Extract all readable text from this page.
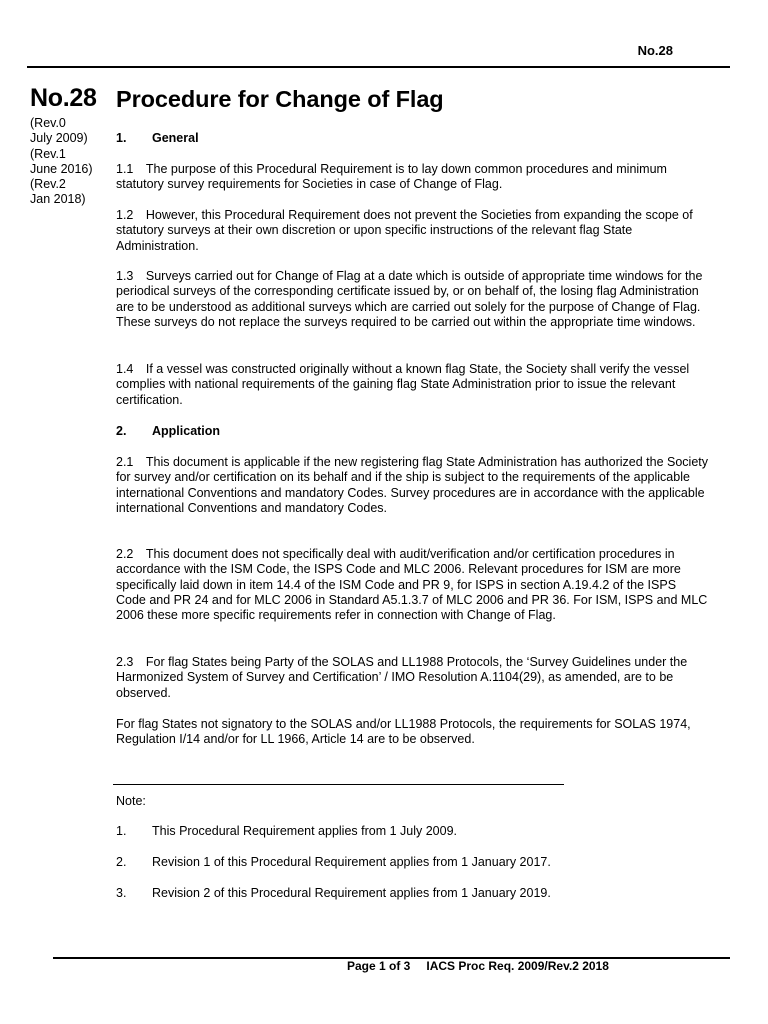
No.28
No.28
(Rev.0
July 2009)
(Rev.1
June 2016)
(Rev.2
Jan 2018)
Procedure for Change of Flag
1. General
1.1 The purpose of this Procedural Requirement is to lay down common procedures and minimum statutory survey requirements for Societies in case of Change of Flag.
1.2 However, this Procedural Requirement does not prevent the Societies from expanding the scope of statutory surveys at their own discretion or upon specific instructions of the relevant flag State Administration.
1.3 Surveys carried out for Change of Flag at a date which is outside of appropriate time windows for the periodical surveys of the corresponding certificate issued by, or on behalf of, the losing flag Administration are to be understood as additional surveys which are carried out solely for the purpose of Change of Flag. These surveys do not replace the surveys required to be carried out within the appropriate time windows.
1.4 If a vessel was constructed originally without a known flag State, the Society shall verify the vessel complies with national requirements of the gaining flag State Administration prior to issue the relevant certification.
2. Application
2.1 This document is applicable if the new registering flag State Administration has authorized the Society for survey and/or certification on its behalf and if the ship is subject to the requirements of the applicable international Conventions and mandatory Codes. Survey procedures are in accordance with the applicable international Conventions and mandatory Codes.
2.2 This document does not specifically deal with audit/verification and/or certification procedures in accordance with the ISM Code, the ISPS Code and MLC 2006. Relevant procedures for ISM are more specifically laid down in item 14.4 of the ISM Code and PR 9, for ISPS in section A.19.4.2 of the ISPS Code and PR 24 and for MLC 2006 in Standard A5.1.3.7 of MLC 2006 and PR 36. For ISM, ISPS and MLC 2006 these more specific requirements refer in connection with Change of Flag.
2.3 For flag States being Party of the SOLAS and LL1988 Protocols, the ‘Survey Guidelines under the Harmonized System of Survey and Certification’ / IMO Resolution A.1104(29), as amended, are to be observed.
For flag States not signatory to the SOLAS and/or LL1988 Protocols, the requirements for SOLAS 1974, Regulation I/14 and/or for LL 1966, Article 14 are to be observed.
Note:
1. This Procedural Requirement applies from 1 July 2009.
2. Revision 1 of this Procedural Requirement applies from 1 January 2017.
3. Revision 2 of this Procedural Requirement applies from 1 January 2019.
Page 1 of 3 IACS Proc Req. 2009/Rev.2 2018
